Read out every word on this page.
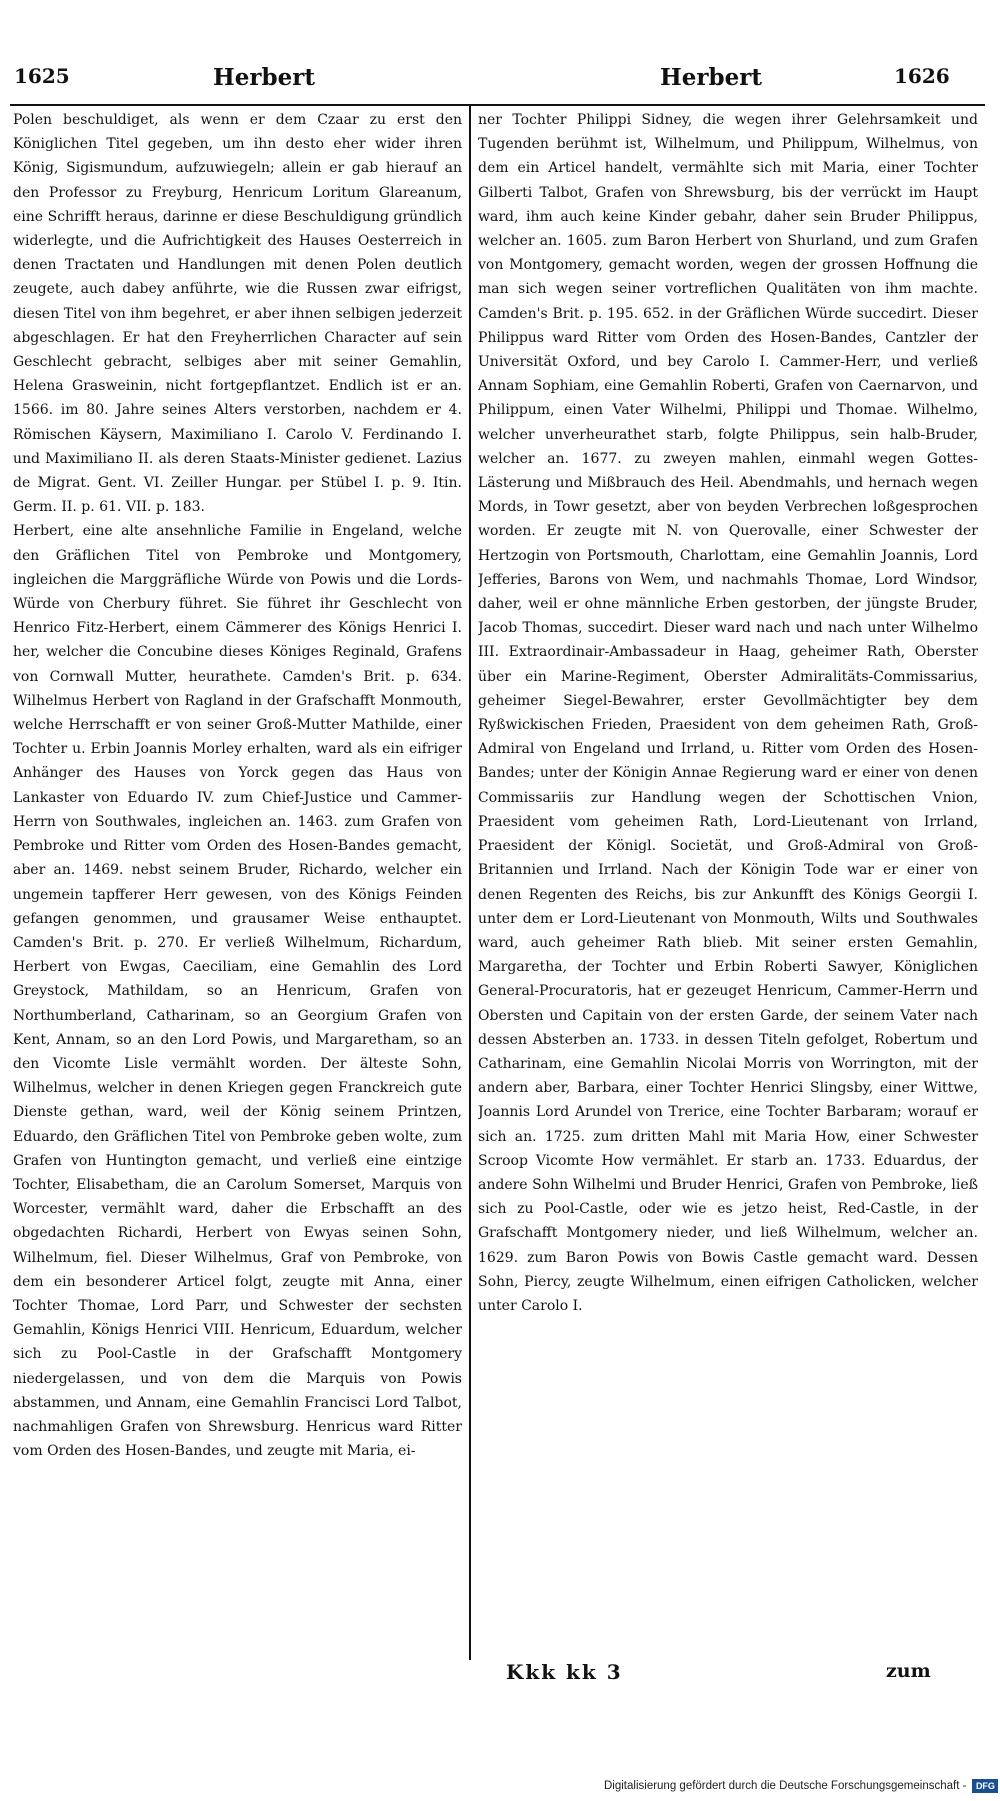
1625	Herbert	Herbert	1626

Polen beschuldiget, als wenn er dem Czaar zu erst den Königlichen Titel gegeben, um ihn desto eher wider ihren König, Sigismundum, aufzuwiegeln; allein er gab hierauf an den Professor zu Freyburg, Henricum Loritum Glareanum, eine Schrifft heraus, darinne er diese Beschuldigung gründlich widerlegte, und die Aufrichtigkeit des Hauses Oesterreich in denen Tractaten und Handlungen mit denen Polen deutlich zeugete, auch dabey anführte, wie die Russen zwar eifrigst, diesen Titel von ihm begehret, er aber ihnen selbigen jederzeit abgeschlagen. Er hat den Freyherrlichen Character auf sein Geschlecht gebracht, selbiges aber mit seiner Gemahlin, Helena Grasweinin, nicht fortgepflantzet. Endlich ist er an. 1566. im 80. Jahre seines Alters verstorben, nachdem er 4. Römischen Käysern, Maximiliano I. Carolo V. Ferdinando I. und Maximiliano II. als deren Staats-Minister gedienet. Lazius de Migrat. Gent. VI. Zeiller Hungar. per Stübel I. p. 9. Itin. Germ. II. p. 61. VII. p. 183.

Herbert, eine alte ansehnliche Familie in Engeland, welche den Gräflichen Titel von Pembroke und Montgomery, ingleichen die Marggräfliche Würde von Powis und die Lords-Würde von Cherbury führet. Sie führet ihr Geschlecht von Henrico Fitz-Herbert, einem Cämmerer des Königs Henrici I. her, welcher die Concubine dieses Königes Reginald, Grafens von Cornwall Mutter, heurathete. Camden's Brit. p. 634. Wilhelmus Herbert von Ragland in der Grafschafft Monmouth, welche Herrschafft er von seiner Groß-Mutter Mathilde, einer Tochter u. Erbin Joannis Morley erhalten, ward als ein eifriger Anhänger des Hauses von Yorck gegen das Haus von Lankaster von Eduardo IV. zum Chief-Justice und Cammer-Herrn von Southwales, ingleichen an. 1463. zum Grafen von Pembroke und Ritter vom Orden des Hosen-Bandes gemacht, aber an. 1469. nebst seinem Bruder, Richardo, welcher ein ungemein tapfferer Herr gewesen, von des Königs Feinden gefangen genommen, und grausamer Weise enthauptet. Camden's Brit. p. 270. Er verließ Wilhelmum, Richardum, Herbert von Ewgas, Caeciliam, eine Gemahlin des Lord Greystock, Mathildam, so an Henricum, Grafen von Northumberland, Catharinam, so an Georgium Grafen von Kent, Annam, so an den Lord Powis, und Margaretham, so an den Vicomte Lisle vermählt worden. Der älteste Sohn, Wilhelmus, welcher in denen Kriegen gegen Franckreich gute Dienste gethan, ward, weil der König seinem Printzen, Eduardo, den Gräflichen Titel von Pembroke geben wolte, zum Grafen von Huntington gemacht, und verließ eine eintzige Tochter, Elisabetham, die an Carolum Somerset, Marquis von Worcester, vermählt ward, daher die Erbschafft an des obgedachten Richardi, Herbert von Ewyas seinen Sohn, Wilhelmum, fiel. Dieser Wilhelmus, Graf von Pembroke, von dem ein besonderer Articel folgt, zeugte mit Anna, einer Tochter Thomae, Lord Parr, und Schwester der sechsten Gemahlin, Königs Henrici VIII. Henricum, Eduardum, welcher sich zu Pool-Castle in der Grafschafft Montgomery niedergelassen, und von dem die Marquis von Powis abstammen, und Annam, eine Gemahlin Francisci Lord Talbot, nachmahligen Grafen von Shrewsburg. Henricus ward Ritter vom Orden des Hosen-Bandes, und zeugte mit Maria, ei-

ner Tochter Philippi Sidney, die wegen ihrer Gelehrsamkeit und Tugenden berühmt ist, Wilhelmum, und Philippum, Wilhelmus, von dem ein Articel handelt, vermählte sich mit Maria, einer Tochter Gilberti Talbot, Grafen von Shrewsburg, bis der verrückt im Haupt ward, ihm auch keine Kinder gebahr, daher sein Bruder Philippus, welcher an. 1605. zum Baron Herbert von Shurland, und zum Grafen von Montgomery, gemacht worden, wegen der grossen Hoffnung die man sich wegen seiner vortreflichen Qualitäten von ihm machte. Camden's Brit. p. 195. 652. in der Gräflichen Würde succedirt. Dieser Philippus ward Ritter vom Orden des Hosen-Bandes, Cantzler der Universität Oxford, und bey Carolo I. Cammer-Herr, und verließ Annam Sophiam, eine Gemahlin Roberti, Grafen von Caernarvon, und Philippum, einen Vater Wilhelmi, Philippi und Thomae. Wilhelmo, welcher unverheurathet starb, folgte Philippus, sein halb-Bruder, welcher an. 1677. zu zweyen mahlen, einmahl wegen Gottes-Lästerung und Mißbrauch des Heil. Abendmahls, und hernach wegen Mords, in Towr gesetzt, aber von beyden Verbrechen loßgesprochen worden. Er zeugte mit N. von Querovalle, einer Schwester der Hertzogin von Portsmouth, Charlottam, eine Gemahlin Joannis, Lord Jefferies, Barons von Wem, und nachmahls Thomae, Lord Windsor, daher, weil er ohne männliche Erben gestorben, der jüngste Bruder, Jacob Thomas, succedirt. Dieser ward nach und nach unter Wilhelmo III. Extraordinair-Ambassadeur in Haag, geheimer Rath, Oberster über ein Marine-Regiment, Oberster Admiralitäts-Commissarius, geheimer Siegel-Bewahrer, erster Gevollmächtigter bey dem Ryßwickischen Frieden, Praesident von dem geheimen Rath, Groß-Admiral von Engeland und Irrland, u. Ritter vom Orden des Hosen-Bandes; unter der Königin Annae Regierung ward er einer von denen Commissariis zur Handlung wegen der Schottischen Vnion, Praesident vom geheimen Rath, Lord-Lieutenant von Irrland, Praesident der Königl. Societät, und Groß-Admiral von Groß-Britannien und Irrland. Nach der Königin Tode war er einer von denen Regenten des Reichs, bis zur Ankunfft des Königs Georgii I. unter dem er Lord-Lieutenant von Monmouth, Wilts und Southwales ward, auch geheimer Rath blieb. Mit seiner ersten Gemahlin, Margaretha, der Tochter und Erbin Roberti Sawyer, Königlichen General-Procuratoris, hat er gezeuget Henricum, Cammer-Herrn und Obersten und Capitain von der ersten Garde, der seinem Vater nach dessen Absterben an. 1733. in dessen Titeln gefolget, Robertum und Catharinam, eine Gemahlin Nicolai Morris von Worrington, mit der andern aber, Barbara, einer Tochter Henrici Slingsby, einer Wittwe, Joannis Lord Arundel von Trerice, eine Tochter Barbaram; worauf er sich an. 1725. zum dritten Mahl mit Maria How, einer Schwester Scroop Vicomte How vermählet. Er starb an. 1733. Eduardus, der andere Sohn Wilhelmi und Bruder Henrici, Grafen von Pembroke, ließ sich zu Pool-Castle, oder wie es jetzo heist, Red-Castle, in der Grafschafft Montgomery nieder, und ließ Wilhelmum, welcher an. 1629. zum Baron Powis von Bowis Castle gemacht ward. Dessen Sohn, Piercy, zeugte Wilhelmum, einen eifrigen Catholicken, welcher unter Carolo I.

Kkk kk 3	zum
Digitalisierung gefördert durch die Deutsche Forschungsgemeinschaft -	DFG
